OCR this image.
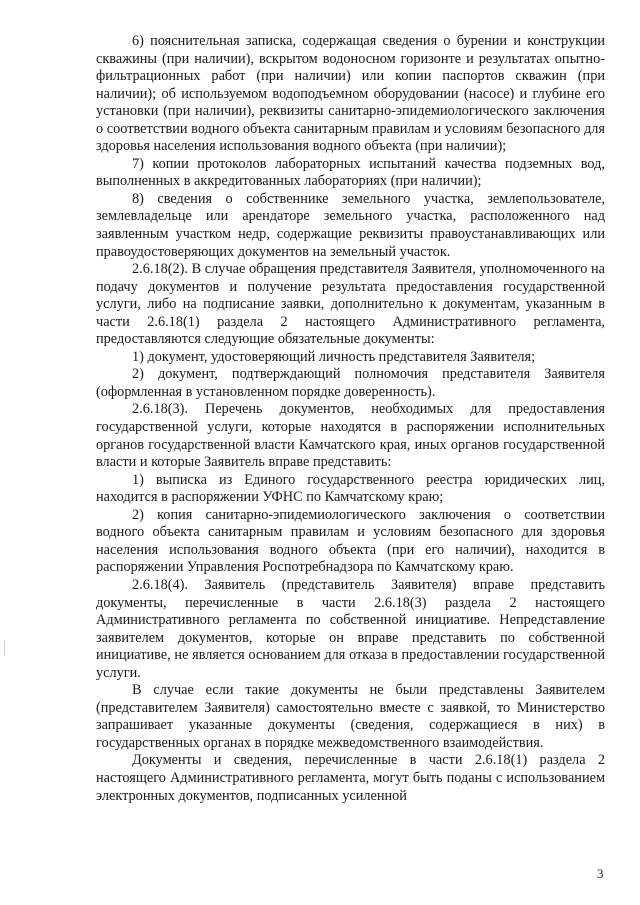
6) пояснительная записка, содержащая сведения о бурении и конструкции скважины (при наличии), вскрытом водоносном горизонте и результатах опытно-фильтрационных работ (при наличии) или копии паспортов скважин (при наличии); об используемом водоподъемном оборудовании (насосе) и глубине его установки (при наличии), реквизиты санитарно-эпидемиологического заключения о соответствии водного объекта санитарным правилам и условиям безопасного для здоровья населения использования водного объекта (при наличии);

7) копии протоколов лабораторных испытаний качества подземных вод, выполненных в аккредитованных лабораториях (при наличии);

8) сведения о собственнике земельного участка, землепользователе, землевладельце или арендаторе земельного участка, расположенного над заявленным участком недр, содержащие реквизиты правоустанавливающих или правоудостоверяющих документов на земельный участок.

2.6.18(2). В случае обращения представителя Заявителя, уполномоченного на подачу документов и получение результата предоставления государственной услуги, либо на подписание заявки, дополнительно к документам, указанным в части 2.6.18(1) раздела 2 настоящего Административного регламента, предоставляются следующие обязательные документы:

1) документ, удостоверяющий личность представителя Заявителя;

2) документ, подтверждающий полномочия представителя Заявителя (оформленная в установленном порядке доверенность).

2.6.18(3). Перечень документов, необходимых для предоставления государственной услуги, которые находятся в распоряжении исполнительных органов государственной власти Камчатского края, иных органов государственной власти и которые Заявитель вправе представить:

1) выписка из Единого государственного реестра юридических лиц, находится в распоряжении УФНС по Камчатскому краю;

2) копия санитарно-эпидемиологического заключения о соответствии водного объекта санитарным правилам и условиям безопасного для здоровья населения использования водного объекта (при его наличии), находится в распоряжении Управления Роспотребнадзора по Камчатскому краю.

2.6.18(4). Заявитель (представитель Заявителя) вправе представить документы, перечисленные в части 2.6.18(3) раздела 2 настоящего Административного регламента по собственной инициативе. Непредставление заявителем документов, которые он вправе представить по собственной инициативе, не является основанием для отказа в предоставлении государственной услуги.

В случае если такие документы не были представлены Заявителем (представителем Заявителя) самостоятельно вместе с заявкой, то Министерство запрашивает указанные документы (сведения, содержащиеся в них) в государственных органах в порядке межведомственного взаимодействия.

Документы и сведения, перечисленные в части 2.6.18(1) раздела 2 настоящего Административного регламента, могут быть поданы с использованием электронных документов, подписанных усиленной

3
